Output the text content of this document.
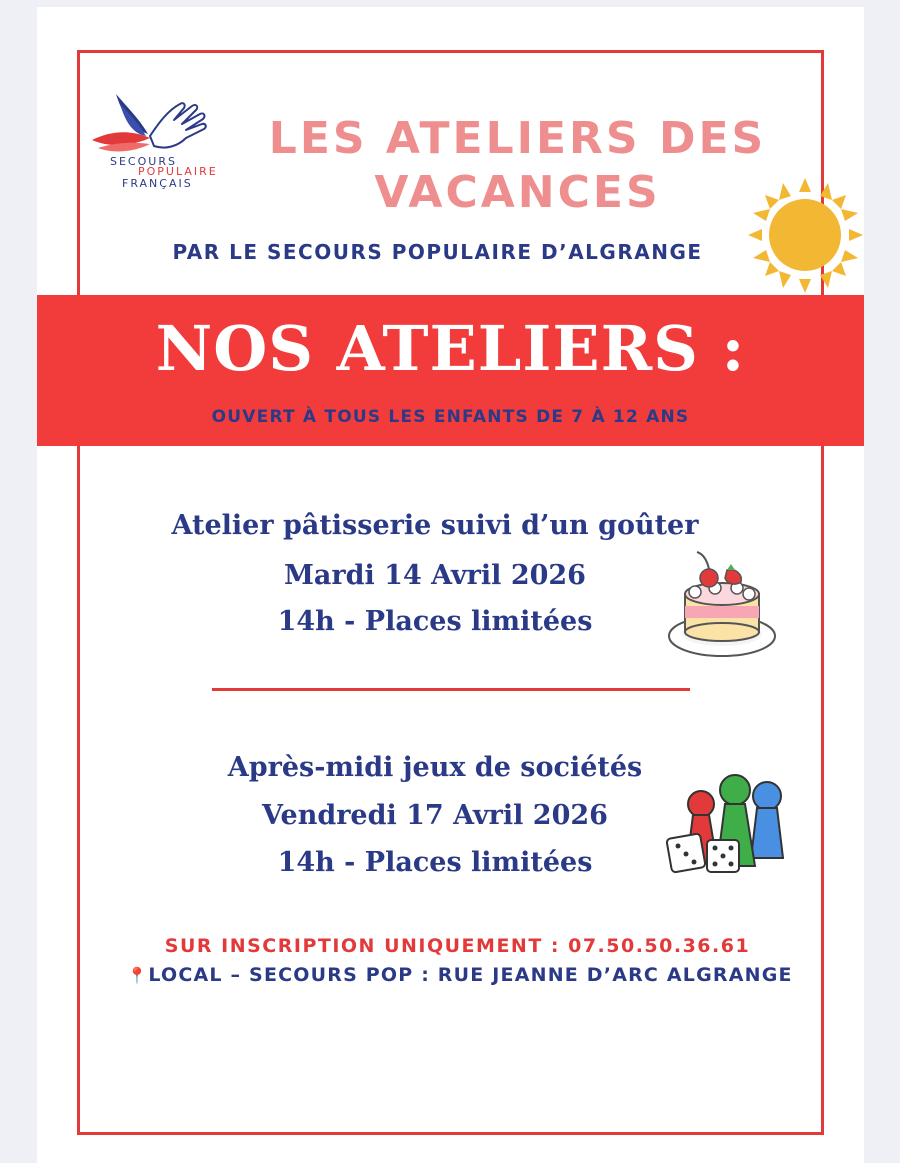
SECOURS
POPULAIRE
FRANÇAIS
LES ATELIERS DES
VACANCES
PAR LE SECOURS POPULAIRE D’ALGRANGE
NOS ATELIERS :
OUVERT À TOUS LES ENFANTS DE 7 À 12 ANS
Atelier pâtisserie suivi d’un goûter
Mardi 14 Avril 2026
14h - Places limitées
Après-midi jeux de sociétés
Vendredi 17 Avril 2026
14h - Places limitées
SUR INSCRIPTION UNIQUEMENT : 07.50.50.36.61
📍LOCAL – SECOURS POP : RUE JEANNE D’ARC ALGRANGE
